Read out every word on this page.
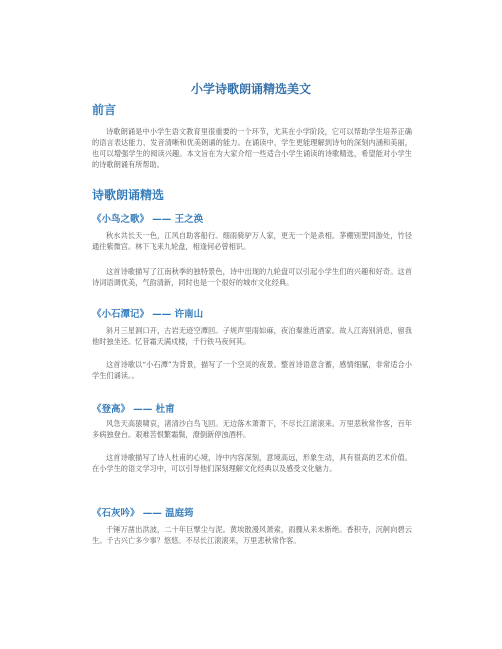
小学诗歌朗诵精选美文
前言

诗歌朗诵是中小学生语文教育里很重要的一个环节，尤其在小学阶段，它可以帮助学生培养正确的语言表达能力、发音清晰和优美朗诵的能力。在诵读中，学生更能理解到诗句的深刻内涵和美丽，也可以增强学生的阅读兴趣。本文旨在为大家介绍一些适合小学生诵读的诗歌精选，希望能对小学生的诗歌朗诵有所帮助。

诗歌朗诵精选
《小鸟之歌》 —— 王之涣

秋水共长天一色，江风自助客船行。细雨骑驴万人家，更无一个是杀相。茅棚别塑同游处，竹径通往紫微宫。林下飞来九轮盘，相逢何必曾相识。

这首诗歌描写了江南秋季的独特景色，诗中出现的九轮盘可以引起小学生们的兴趣和好奇。这首诗词语调优美，气韵清新，同时也是一个很好的城市文化经典。

《小石潭记》 —— 许南山

斜月三星洞口开，古岩无迹空潭回。子规声里雨如麻，夜泊秦淮近酒家。故人江海别消息，留我他时独坐还。忆昔霜天满戍楼，千行铁马夜何其。

这首诗歌以“小石潭”为背景，描写了一个空灵的夜景。整首诗语意含蓄，感情细腻，非常适合小学生们诵读。。

《登高》 —— 杜甫

风急天高猿啸哀，渚清沙白鸟飞回。无边落木萧萧下，不尽长江滚滚来。万里悲秋常作客，百年多病独登台。艰难苦恨繁霜鬓，潦倒新停浊酒杯。

这首诗歌描写了诗人杜甫的心境，诗中内容深刻，意境高远，形象生动，具有很高的艺术价值。在小学生的语文学习中，可以引导他们深刻理解文化经典以及感受文化魅力。

《石灰吟》 —— 温庭筠

千锤万凿出洪波，二十年巨擘尘与泥。黄埃散漫风萧索，雨骤从来未断绝。香积寺，沉舸向碧云生。千古兴亡多少事？悠悠。不尽长江滚滚来，万里悲秋常作客。
